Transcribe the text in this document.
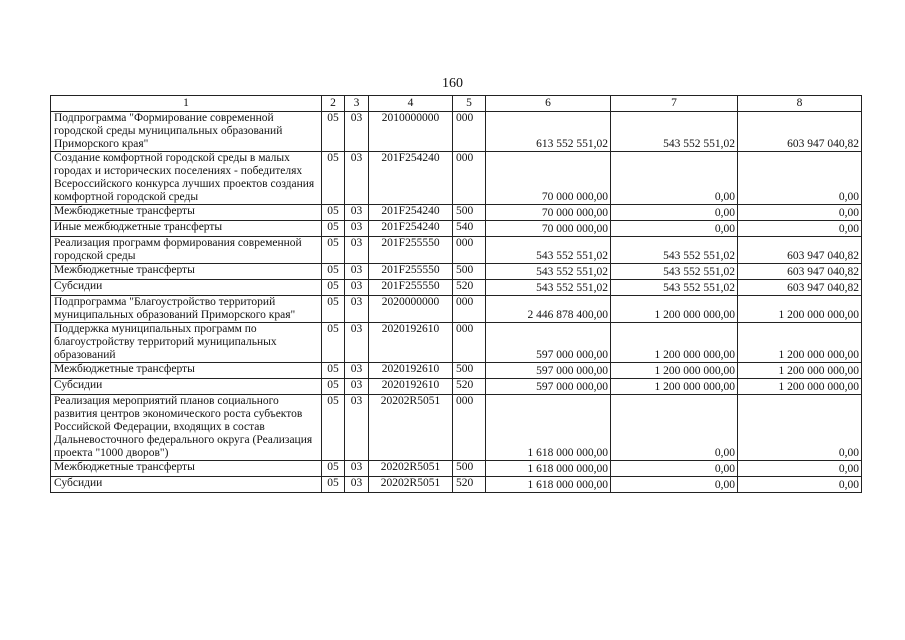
160
1	2	3	4	5	6	7	8
Подпрограмма "Формирование современной городской среды муниципальных образований Приморского края"	05	03	2010000000	000	613 552 551,02	543 552 551,02	603 947 040,82
Создание комфортной городской среды в малых городах и исторических поселениях - победителях Всероссийского конкурса лучших проектов создания комфортной городской среды	05	03	201F254240	000	70 000 000,00	0,00	0,00
Межбюджетные трансферты	05	03	201F254240	500	70 000 000,00	0,00	0,00
Иные межбюджетные трансферты	05	03	201F254240	540	70 000 000,00	0,00	0,00
Реализация программ формирования современной городской среды	05	03	201F255550	000	543 552 551,02	543 552 551,02	603 947 040,82
Межбюджетные трансферты	05	03	201F255550	500	543 552 551,02	543 552 551,02	603 947 040,82
Субсидии	05	03	201F255550	520	543 552 551,02	543 552 551,02	603 947 040,82
Подпрограмма "Благоустройство территорий муниципальных образований Приморского края"	05	03	2020000000	000	2 446 878 400,00	1 200 000 000,00	1 200 000 000,00
Поддержка муниципальных программ по благоустройству территорий муниципальных образований	05	03	2020192610	000	597 000 000,00	1 200 000 000,00	1 200 000 000,00
Межбюджетные трансферты	05	03	2020192610	500	597 000 000,00	1 200 000 000,00	1 200 000 000,00
Субсидии	05	03	2020192610	520	597 000 000,00	1 200 000 000,00	1 200 000 000,00
Реализация мероприятий планов социального развития центров экономического роста субъектов Российской Федерации, входящих в состав Дальневосточного федерального округа (Реализация проекта "1000 дворов")	05	03	20202R5051	000	1 618 000 000,00	0,00	0,00
Межбюджетные трансферты	05	03	20202R5051	500	1 618 000 000,00	0,00	0,00
Субсидии	05	03	20202R5051	520	1 618 000 000,00	0,00	0,00
